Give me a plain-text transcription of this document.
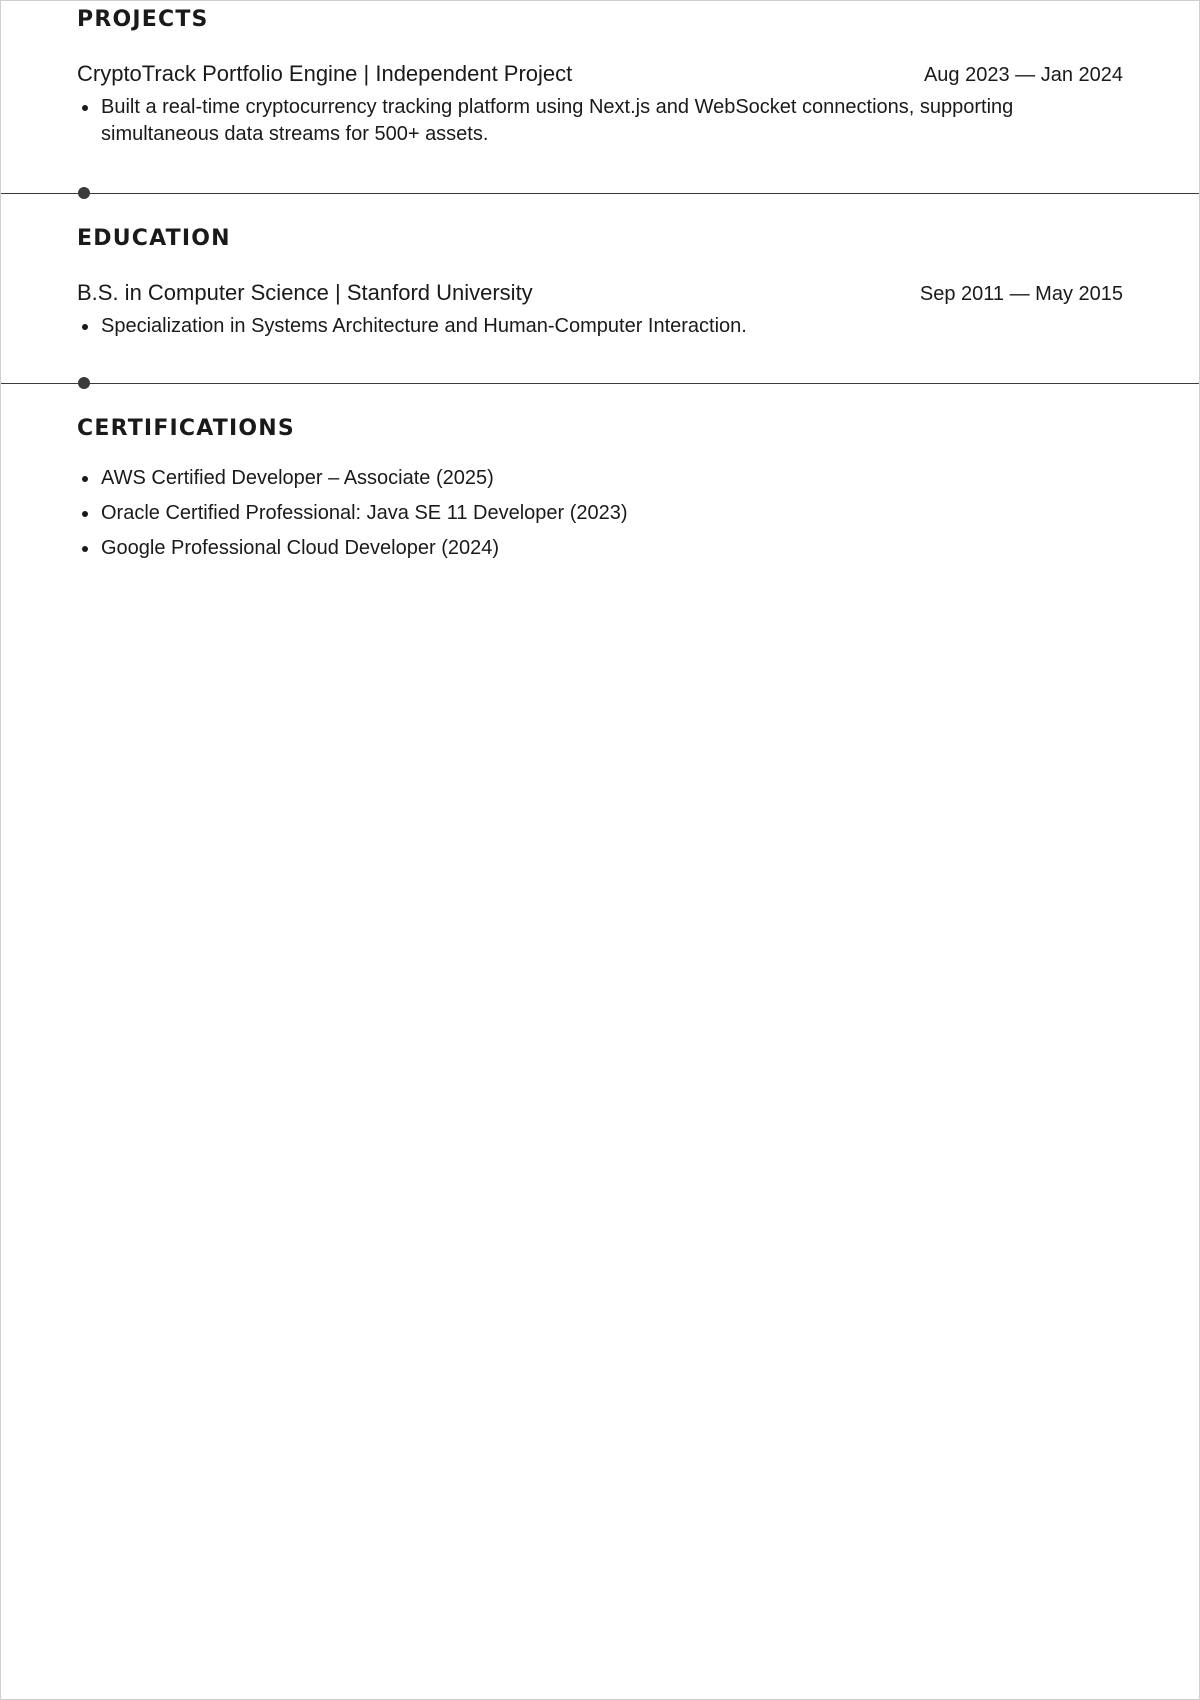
PROJECTS
CryptoTrack Portfolio Engine | Independent Project	Aug 2023 — Jan 2024
Built a real-time cryptocurrency tracking platform using Next.js and WebSocket connections, supporting simultaneous data streams for 500+ assets.
EDUCATION
B.S. in Computer Science | Stanford University	Sep 2011 — May 2015
Specialization in Systems Architecture and Human-Computer Interaction.
CERTIFICATIONS
AWS Certified Developer – Associate (2025)
Oracle Certified Professional: Java SE 11 Developer (2023)
Google Professional Cloud Developer (2024)
